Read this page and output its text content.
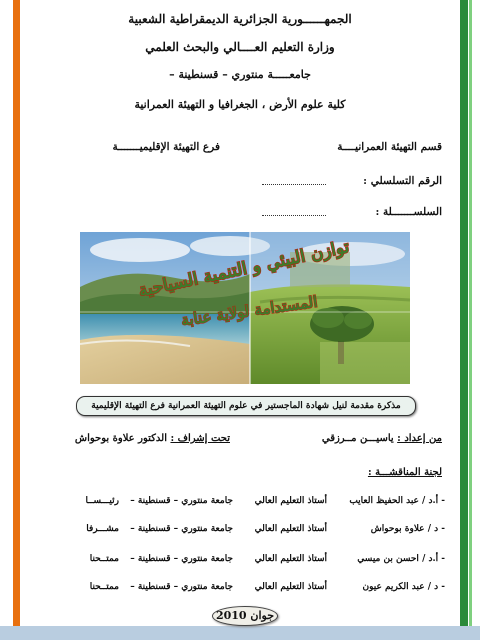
الجمهــــــورية الجزائرية الديمقراطية الشعبية
وزارة التعليم العــــالي والبحث العلمي
جامعـــــة منتوري – قسنطينة –
كلية علوم الأرض ، الجغرافيا و التهيئة العمرانية
قسم التهيئة العمرانيــــة
فرع التهيئة الإقليميـــــــة
الرقم التسلسلي :
السلســـــــلة :
توازن البيئي و التنمية السياحية
المستدامة لولاية عنابة
مذكرة مقدمة لنيل شهادة الماجستير في علوم التهيئة العمرانية فرع التهيئة الإقليمية
من إعداد : ياسيـــن مــرزقي
تحت إشراف : الدكتور علاوة بوحواش
لجنة المناقشـــة :
- أ.د / عبد الحفيظ العايب
أستاذ التعليم العالي
جامعة منتوري – قسنطينة –
رئيـــســا
- د / علاوة بوحواش
أستاذ التعليم العالي
جامعة منتوري – قسنطينة –
مشـــرفا
- أ.د / احسن بن ميسي
أستاذ التعليم العالي
جامعة منتوري – قسنطينة –
ممتــحنا
- د / عبد الكريم عيون
أستاذ التعليم العالي
جامعة منتوري – قسنطينة –
ممتــحنا
جوان 2010
